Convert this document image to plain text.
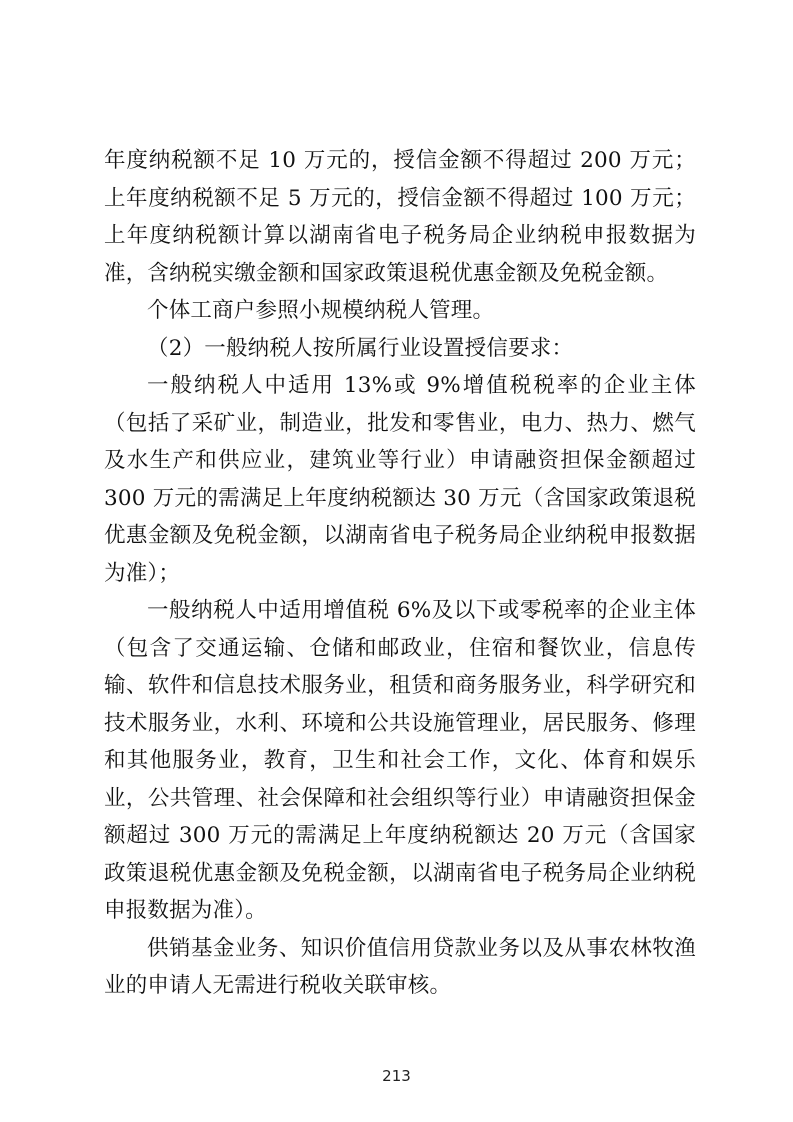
年度纳税额不足 10 万元的，授信金额不得超过 200 万元；上年度纳税额不足 5 万元的，授信金额不得超过 100 万元；上年度纳税额计算以湖南省电子税务局企业纳税申报数据为准，含纳税实缴金额和国家政策退税优惠金额及免税金额。

个体工商户参照小规模纳税人管理。

（2）一般纳税人按所属行业设置授信要求：

一般纳税人中适用 13%或 9%增值税税率的企业主体（包括了采矿业，制造业，批发和零售业，电力、热力、燃气及水生产和供应业，建筑业等行业）申请融资担保金额超过 300 万元的需满足上年度纳税额达 30 万元（含国家政策退税优惠金额及免税金额，以湖南省电子税务局企业纳税申报数据为准）；

一般纳税人中适用增值税 6%及以下或零税率的企业主体（包含了交通运输、仓储和邮政业，住宿和餐饮业，信息传输、软件和信息技术服务业，租赁和商务服务业，科学研究和技术服务业，水利、环境和公共设施管理业，居民服务、修理和其他服务业，教育，卫生和社会工作，文化、体育和娱乐业，公共管理、社会保障和社会组织等行业）申请融资担保金额超过 300 万元的需满足上年度纳税额达 20 万元（含国家政策退税优惠金额及免税金额，以湖南省电子税务局企业纳税申报数据为准）。

供销基金业务、知识价值信用贷款业务以及从事农林牧渔业的申请人无需进行税收关联审核。

213
